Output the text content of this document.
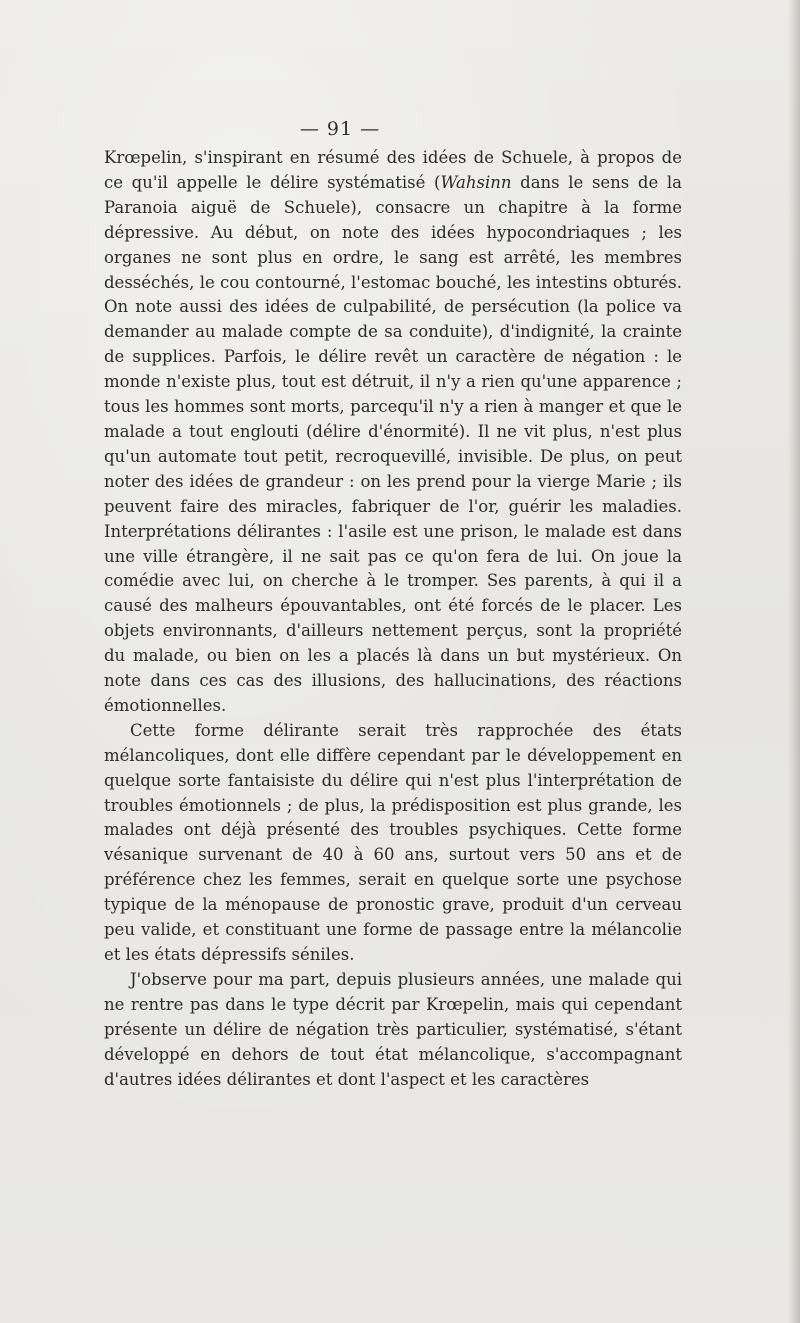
— 91 —

Krœpelin, s'inspirant en résumé des idées de Schuele, à propos de ce qu'il appelle le délire systématisé (Wahsinn dans le sens de la Paranoia aiguë de Schuele), consacre un chapitre à la forme dépressive. Au début, on note des idées hypocondriaques ; les organes ne sont plus en ordre, le sang est arrêté, les membres desséchés, le cou contourné, l'estomac bouché, les intestins obturés. On note aussi des idées de culpabilité, de persécution (la police va demander au malade compte de sa conduite), d'indignité, la crainte de supplices. Parfois, le délire revêt un caractère de négation : le monde n'existe plus, tout est détruit, il n'y a rien qu'une apparence ; tous les hommes sont morts, parcequ'il n'y a rien à manger et que le malade a tout englouti (délire d'énormité). Il ne vit plus, n'est plus qu'un automate tout petit, recroquevillé, invisible. De plus, on peut noter des idées de grandeur : on les prend pour la vierge Marie ; ils peuvent faire des miracles, fabriquer de l'or, guérir les maladies. Interprétations délirantes : l'asile est une prison, le malade est dans une ville étrangère, il ne sait pas ce qu'on fera de lui. On joue la comédie avec lui, on cherche à le tromper. Ses parents, à qui il a causé des malheurs épouvantables, ont été forcés de le placer. Les objets environnants, d'ailleurs nettement perçus, sont la propriété du malade, ou bien on les a placés là dans un but mystérieux. On note dans ces cas des illusions, des hallucinations, des réactions émotionnelles.

Cette forme délirante serait très rapprochée des états mélancoliques, dont elle diffère cependant par le développement en quelque sorte fantaisiste du délire qui n'est plus l'interprétation de troubles émotionnels ; de plus, la prédisposition est plus grande, les malades ont déjà présenté des troubles psychiques. Cette forme vésanique survenant de 40 à 60 ans, surtout vers 50 ans et de préférence chez les femmes, serait en quelque sorte une psychose typique de la ménopause de pronostic grave, produit d'un cerveau peu valide, et constituant une forme de passage entre la mélancolie et les états dépressifs séniles.

J'observe pour ma part, depuis plusieurs années, une malade qui ne rentre pas dans le type décrit par Krœpelin, mais qui cependant présente un délire de négation très particulier, systématisé, s'étant développé en dehors de tout état mélancolique, s'accompagnant d'autres idées délirantes et dont l'aspect et les caractères
